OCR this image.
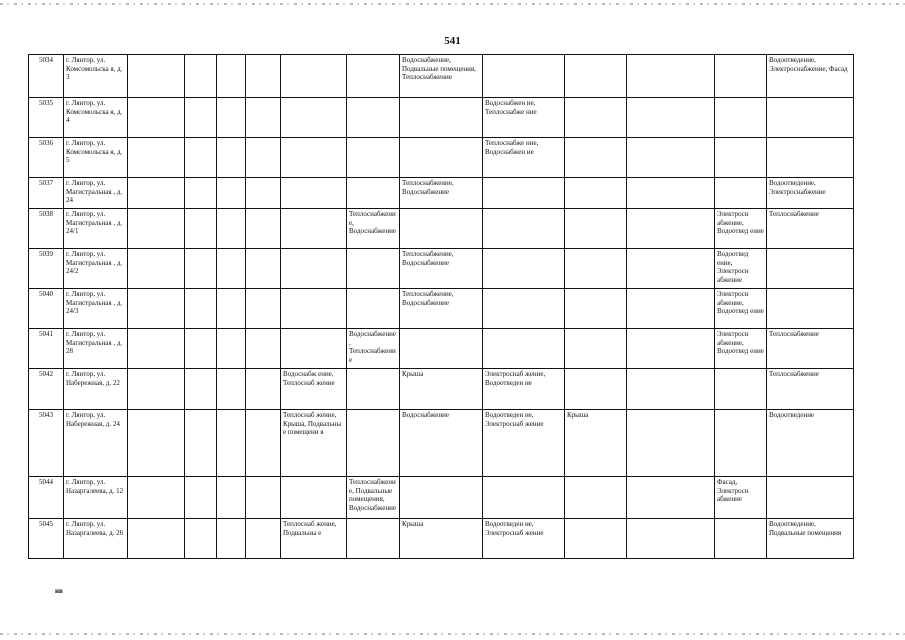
541
5034	г. Лянтор, ул. Комсомольска я, д. 3							Водоснабжение, Подвальные помещения, Теплоснабжение					Водоотведение, Электроснабжение, Фасад
5035	г. Лянтор, ул. Комсомольска я, д. 4								Водоснабжен ие, Теплоснабже ние				
5036	г. Лянтор, ул. Комсомольска я, д. 5								Теплоснабже ние, Водоснабжен ие				
5037	г. Лянтор, ул. Магистральная , д. 24							Теплоснабжение, Водоснабжение					Водоотведение, Электроснабжение
5038	г. Лянтор, ул. Магистральная , д. 24/1						Теплоснабжение, Водоснабжение					Электросн абжение, Водоотвед ение	Теплоснабжение
5039	г. Лянтор, ул. Магистральная , д. 24/2							Теплоснабжение, Водоснабжение				Водоотвед ение, Электросн абжение	
5040	г. Лянтор, ул. Магистральная , д. 24/3							Теплоснабжение, Водоснабжение				Электросн абжение, Водоотвед ение	
5041	г. Лянтор, ул. Магистральная , д. 28						Водоснабжение, Теплоснабжение					Электросн абжение, Водоотвед ение	Теплоснабжение
5042	г. Лянтор, ул. Набережная, д. 22					Водоснабж ение, Теплоснаб жение		Крыша	Электроснаб жение, Водоотведен ие				Теплоснабжение
5043	г. Лянтор, ул. Набережная, д. 24					Теплоснаб жение, Крыша, Подвальны е помещени я		Водоснабжение	Водоотведен ие, Электроснаб жение	Крыша			Водоотведение
5044	г. Лянтор, ул. Назаргалеева, д. 12						Теплоснабжение, Подвальные помещения, Водоснабжение					Фасад, Электросн абжение	
5045	г. Лянтор, ул. Назаргалеева, д. 26					Теплоснаб жение, Подвальны е		Крыша	Водоотведен ие, Электроснаб жение				Водоотведение, Подвальные помещения
нв
